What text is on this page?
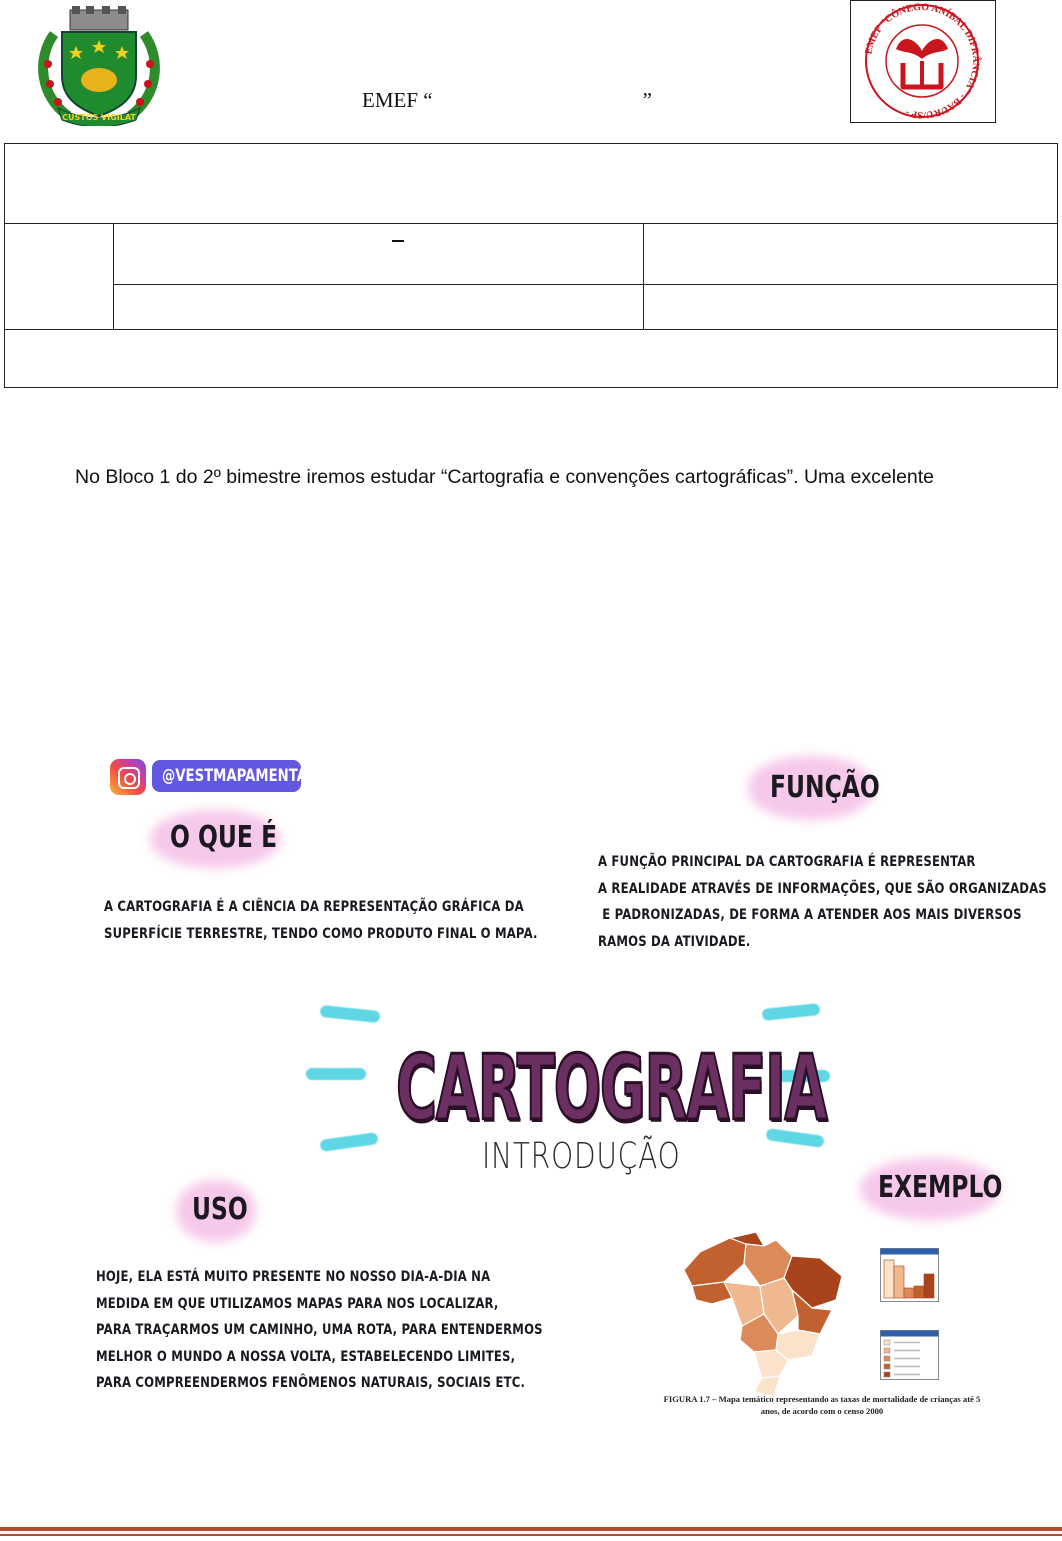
CUSTOS VIGILAT
EMEF “                                        ”
EMEF “CÔNEGO ANÍBAL DIFRÂNCIA” - BAURU/SP -
No Bloco 1 do 2º bimestre iremos estudar “Cartografia e convenções cartográficas”. Uma excelente
@VESTMAPAMENTAL
O QUE É
A CARTOGRAFIA É A CIÊNCIA DA REPRESENTAÇÃO GRÁFICA DA
SUPERFÍCIE TERRESTRE, TENDO COMO PRODUTO FINAL O MAPA.
FUNÇÃO
A FUNÇÃO PRINCIPAL DA CARTOGRAFIA É REPRESENTAR
A REALIDADE ATRAVÉS DE INFORMAÇÕES, QUE SÃO ORGANIZADAS
E PADRONIZADAS, DE FORMA A ATENDER AOS MAIS DIVERSOS
RAMOS DA ATIVIDADE.
CARTOGRAFIA
INTRODUÇÃO
USO
HOJE, ELA ESTÁ MUITO PRESENTE NO NOSSO DIA-A-DIA NA
MEDIDA EM QUE UTILIZAMOS MAPAS PARA NOS LOCALIZAR,
PARA TRAÇARMOS UM CAMINHO, UMA ROTA, PARA ENTENDERMOS
MELHOR O MUNDO A NOSSA VOLTA, ESTABELECENDO LIMITES,
PARA COMPREENDERMOS FENÔMENOS NATURAIS, SOCIAIS ETC.
EXEMPLO
FIGURA 1.7 – Mapa temático representando as taxas de mortalidade de crianças até 5 anos, de acordo com o censo 2000
